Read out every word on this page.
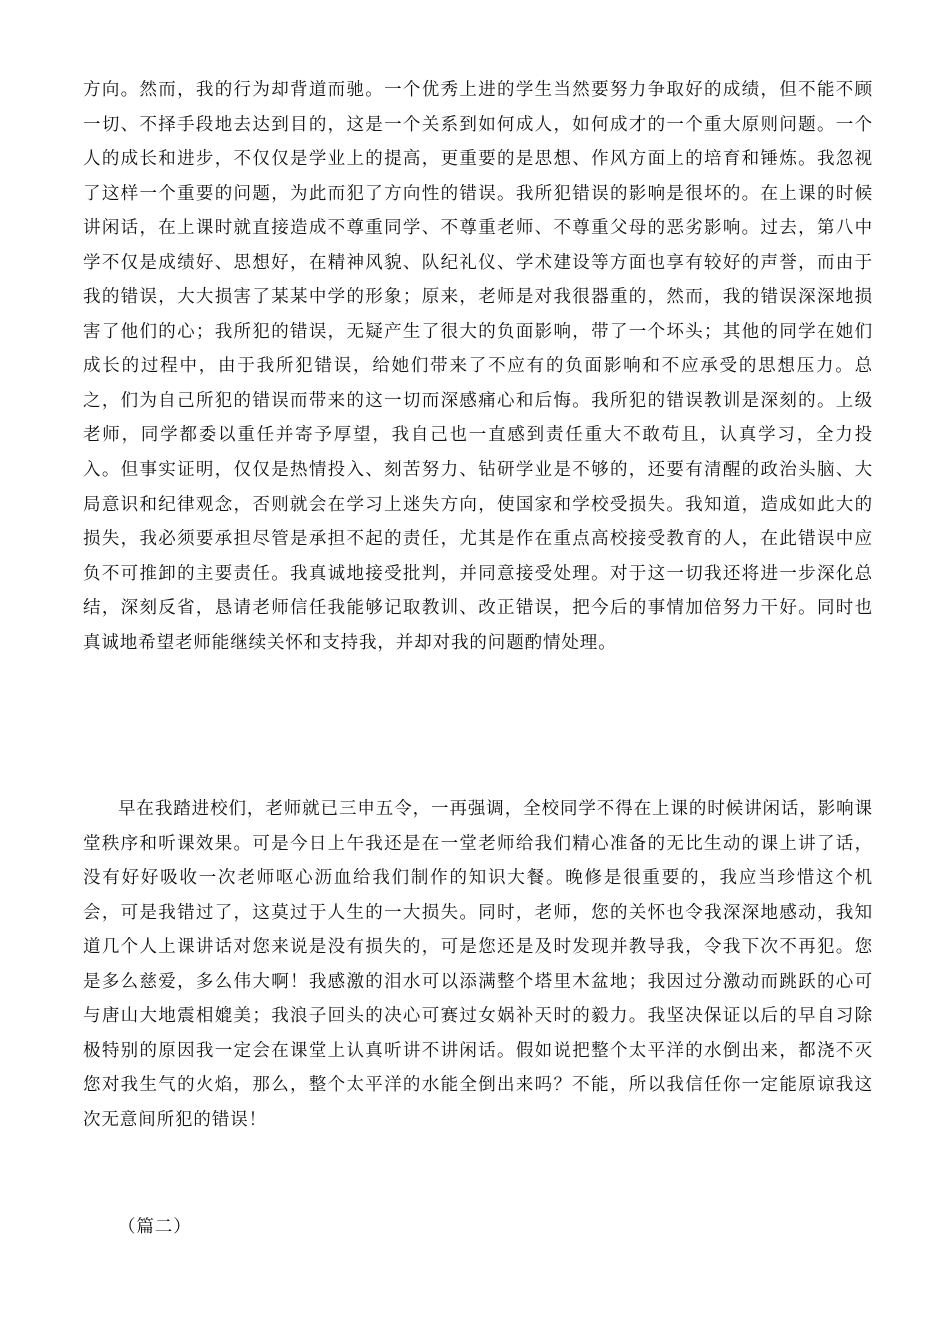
方向。然而，我的行为却背道而驰。一个优秀上进的学生当然要努力争取好的成绩，但不能不顾一切、不择手段地去达到目的，这是一个关系到如何成人，如何成才的一个重大原则问题。一个人的成长和进步，不仅仅是学业上的提高，更重要的是思想、作风方面上的培育和锤炼。我忽视了这样一个重要的问题，为此而犯了方向性的错误。我所犯错误的影响是很坏的。在上课的时候讲闲话，在上课时就直接造成不尊重同学、不尊重老师、不尊重父母的恶劣影响。过去，第八中学不仅是成绩好、思想好，在精神风貌、队纪礼仪、学术建设等方面也享有较好的声誉，而由于我的错误，大大损害了某某中学的形象；原来，老师是对我很器重的，然而，我的错误深深地损害了他们的心；我所犯的错误，无疑产生了很大的负面影响，带了一个坏头；其他的同学在她们成长的过程中，由于我所犯错误，给她们带来了不应有的负面影响和不应承受的思想压力。总之，们为自己所犯的错误而带来的这一切而深感痛心和后悔。我所犯的错误教训是深刻的。上级老师，同学都委以重任并寄予厚望，我自己也一直感到责任重大不敢苟且，认真学习，全力投入。但事实证明，仅仅是热情投入、刻苦努力、钻研学业是不够的，还要有清醒的政治头脑、大局意识和纪律观念，否则就会在学习上迷失方向，使国家和学校受损失。我知道，造成如此大的损失，我必须要承担尽管是承担不起的责任，尤其是作在重点高校接受教育的人，在此错误中应负不可推卸的主要责任。我真诚地接受批判，并同意接受处理。对于这一切我还将进一步深化总结，深刻反省，恳请老师信任我能够记取教训、改正错误，把今后的事情加倍努力干好。同时也真诚地希望老师能继续关怀和支持我，并却对我的问题酌情处理。

早在我踏进校们，老师就已三申五令，一再强调，全校同学不得在上课的时候讲闲话，影响课堂秩序和听课效果。可是今日上午我还是在一堂老师给我们精心准备的无比生动的课上讲了话，没有好好吸收一次老师呕心沥血给我们制作的知识大餐。晚修是很重要的，我应当珍惜这个机会，可是我错过了，这莫过于人生的一大损失。同时，老师，您的关怀也令我深深地感动，我知道几个人上课讲话对您来说是没有损失的，可是您还是及时发现并教导我，令我下次不再犯。您是多么慈爱，多么伟大啊！我感激的泪水可以添满整个塔里木盆地；我因过分激动而跳跃的心可与唐山大地震相媲美；我浪子回头的决心可赛过女娲补天时的毅力。我坚决保证以后的早自习除极特别的原因我一定会在课堂上认真听讲不讲闲话。假如说把整个太平洋的水倒出来，都浇不灭您对我生气的火焰，那么，整个太平洋的水能全倒出来吗？不能，所以我信任你一定能原谅我这次无意间所犯的错误！

（篇二）
